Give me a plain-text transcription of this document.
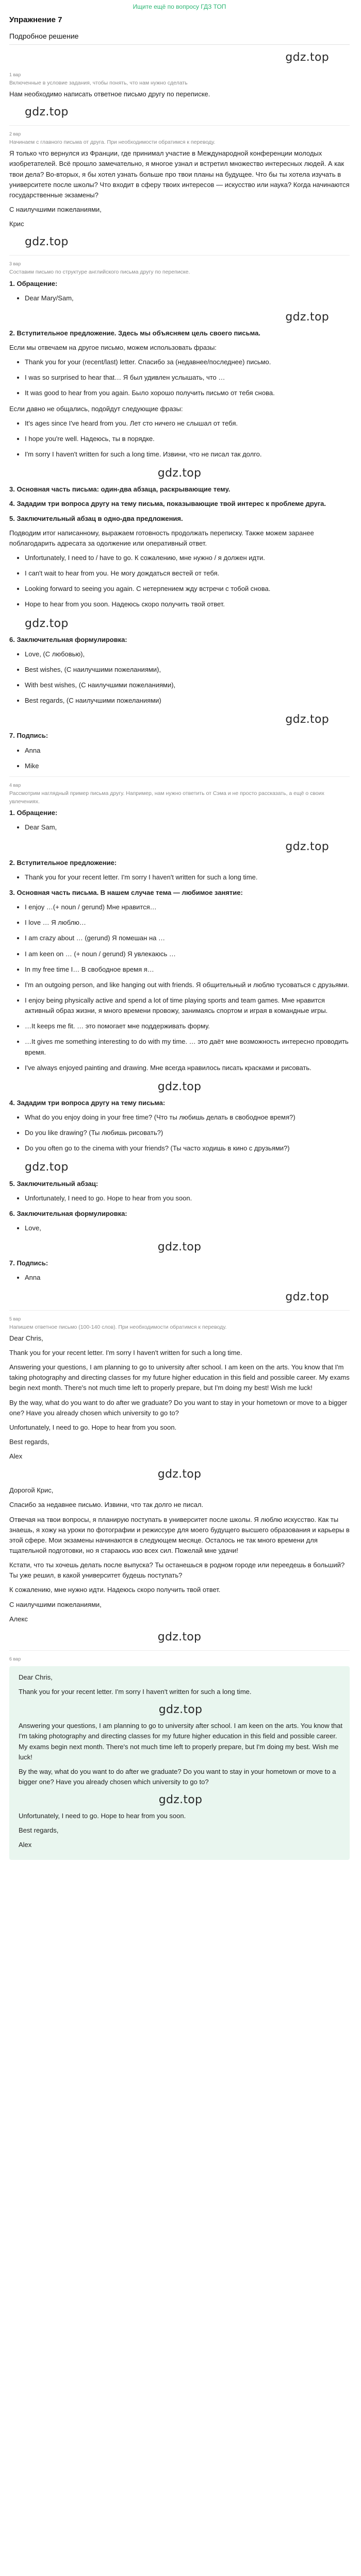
Ищите ещё по вопросу ГДЗ ТОП
Упражнение 7
Подробное решение
gdz.top
1 вар
Включенные в условие задания, чтобы понять, что нам нужно сделать

Нам необходимо написать ответное письмо другу по переписке.

gdz.top
2 вар
Начинаем с главного письма от друга. При необходимости обратимся к переводу.

Я только что вернулся из Франции, где принимал участие в Международной конференции молодых изобретателей. Всё прошло замечательно, я многое узнал и встретил множество интересных людей. А как твои дела? Во-вторых, я бы хотел узнать больше про твои планы на будущее. Что бы ты хотела изучать в университете после школы? Что входит в сферу твоих интересов — искусство или наука? Когда начинаются государственные экзамены?

С наилучшими пожеланиями,

Крис

gdz.top
3 вар
Составим письмо по структуре английского письма другу по переписке.

1. Обращение:

• Dear Mary/Sam,
gdz.top

2. Вступительное предложение. Здесь мы объясняем цель своего письма.

Если мы отвечаем на другое письмо, можем использовать фразы:

• Thank you for your (recent/last) letter. Спасибо за (недавнее/последнее) письмо.
• I was so surprised to hear that… Я был удивлен услышать, что …
• It was good to hear from you again. Было хорошо получить письмо от тебя снова.

Если давно не общались, подойдут следующие фразы:

• It's ages since I've heard from you. Лет сто ничего не слышал от тебя.
• I hope you're well. Надеюсь, ты в порядке.
• I'm sorry I haven't written for such a long time. Извини, что не писал так долго.
gdz.top

3. Основная часть письма: один-два абзаца, раскрывающие тему.

4. Зададим три вопроса другу на тему письма, показывающие твой интерес к проблеме друга.

5. Заключительный абзац в одно-два предложения.

Подводим итог написанному, выражаем готовность продолжать переписку. Также можем заранее поблагодарить адресата за одолжение или оперативный ответ.

• Unfortunately, I need to / have to go. К сожалению, мне нужно / я должен идти.
• I can't wait to hear from you. Не могу дождаться вестей от тебя.
• Looking forward to seeing you again. С нетерпением жду встречи с тобой снова.
• Hope to hear from you soon. Надеюсь скоро получить твой ответ.
gdz.top

6. Заключительная формулировка:

• Love, (С любовью),
• Best wishes, (С наилучшими пожеланиями),
• With best wishes, (С наилучшими пожеланиями),
• Best regards, (С наилучшими пожеланиями)
gdz.top

7. Подпись:

• Anna
• Mike
4 вар
Рассмотрим наглядный пример письма другу. Например, нам нужно ответить от Сэма и не просто рассказать, а ещё о своих увлечениях.

1. Обращение:

• Dear Sam,
gdz.top

2. Вступительное предложение:

• Thank you for your recent letter. I'm sorry I haven't written for such a long time.

3. Основная часть письма. В нашем случае тема — любимое занятие:

• I enjoy …(+ noun / gerund) Мне нравится…
• I love … Я люблю…
• I am crazy about … (gerund) Я помешан на …
• I am keen on … (+ noun / gerund) Я увлекаюсь …
• In my free time I… В свободное время я…
• I'm an outgoing person, and like hanging out with friends. Я общительный и люблю тусоваться с друзьями.
• I enjoy being physically active and spend a lot of time playing sports and team games. Мне нравится активный образ жизни, я много времени провожу, занимаясь спортом и играя в командные игры.
• …It keeps me fit. … это помогает мне поддерживать форму.
• …It gives me something interesting to do with my time. … это даёт мне возможность интересно проводить время.
• I've always enjoyed painting and drawing. Мне всегда нравилось писать красками и рисовать.
gdz.top

4. Зададим три вопроса другу на тему письма:

• What do you enjoy doing in your free time? (Что ты любишь делать в свободное время?)
• Do you like drawing? (Ты любишь рисовать?)
• Do you often go to the cinema with your friends? (Ты часто ходишь в кино с друзьями?)
gdz.top

5. Заключительный абзац:

• Unfortunately, I need to go. Hope to hear from you soon.

6. Заключительная формулировка:

• Love,
gdz.top

7. Подпись:

• Anna
gdz.top
5 вар
Напишем ответное письмо (100-140 слов). При необходимости обратимся к переводу.

Dear Chris,

Thank you for your recent letter. I'm sorry I haven't written for such a long time.

Answering your questions, I am planning to go to university after school. I am keen on the arts. You know that I'm taking photography and directing classes for my future higher education in this field and possible career. My exams begin next month. There's not much time left to properly prepare, but I'm doing my best! Wish me luck!

By the way, what do you want to do after we graduate? Do you want to stay in your hometown or move to a bigger one? Have you already chosen which university to go to?

Unfortunately, I need to go. Hope to hear from you soon.

Best regards,

Alex

gdz.top

Дорогой Крис,

Спасибо за недавнее письмо. Извини, что так долго не писал.

Отвечая на твои вопросы, я планирую поступать в университет после школы. Я люблю искусство. Как ты знаешь, я хожу на уроки по фотографии и режиссуре для моего будущего высшего образования и карьеры в этой сфере. Мои экзамены начинаются в следующем месяце. Осталось не так много времени для тщательной подготовки, но я стараюсь изо всех сил. Пожелай мне удачи!

Кстати, что ты хочешь делать после выпуска? Ты останешься в родном городе или переедешь в больший? Ты уже решил, в какой университет будешь поступать?

К сожалению, мне нужно идти. Надеюсь скоро получить твой ответ.

С наилучшими пожеланиями,

Алекс

gdz.top
6 вар

Dear Chris,

Thank you for your recent letter. I'm sorry I haven't written for such a long time.

gdz.top

Answering your questions, I am planning to go to university after school. I am keen on the arts. You know that I'm taking photography and directing classes for my future higher education in this field and possible career. My exams begin next month. There's not much time left to properly prepare, but I'm doing my best. Wish me luck!

By the way, what do you want to do after we graduate? Do you want to stay in your hometown or move to a bigger one? Have you already chosen which university to go to?

gdz.top

Unfortunately, I need to go. Hope to hear from you soon.

Best regards,

Alex
